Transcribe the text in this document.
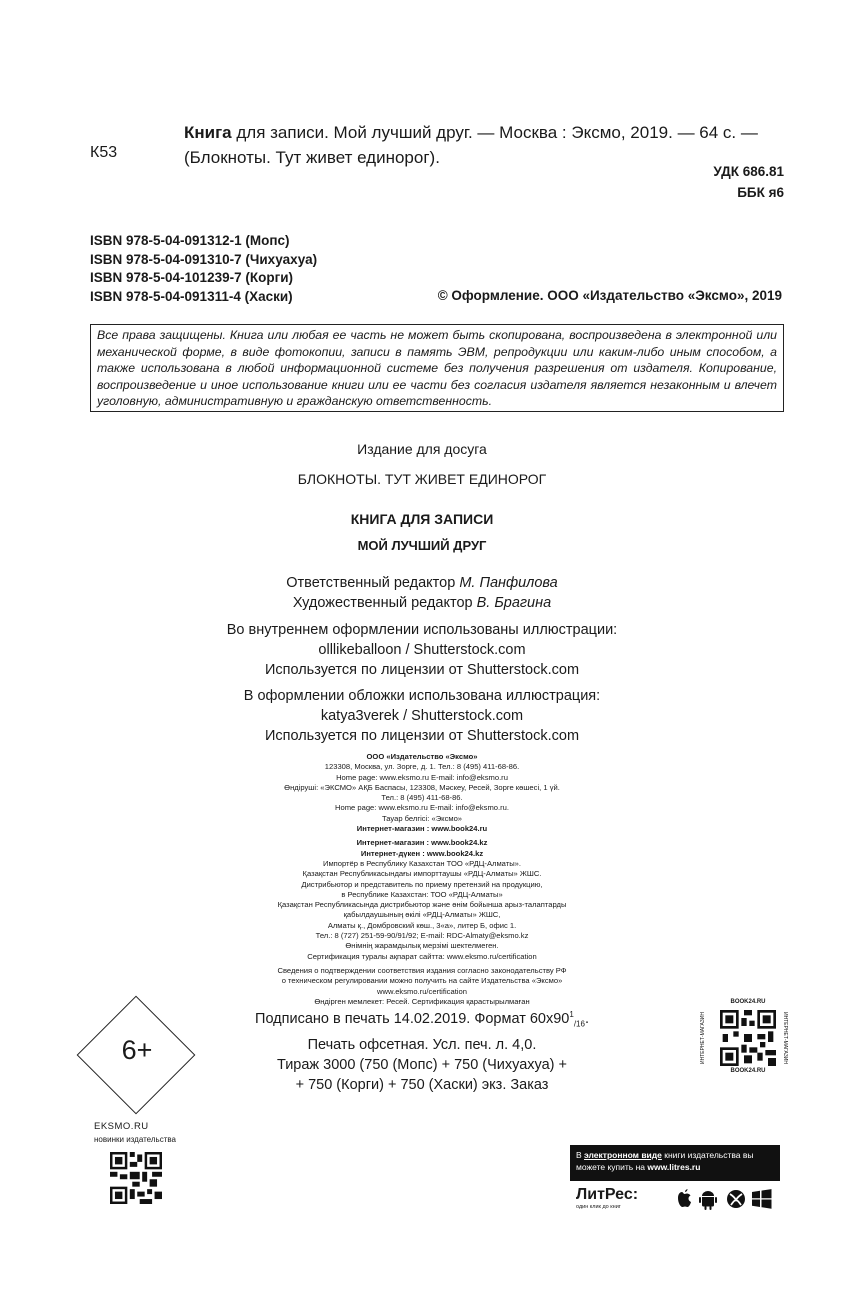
К53
Книга для записи. Мой лучший друг. — Москва : Эксмо, 2019. — 64 с. — (Блокноты. Тут живет единорог).
УДК 686.81
ББК я6
ISBN 978-5-04-091312-1 (Мопс)
ISBN 978-5-04-091310-7 (Чихуахуа)
ISBN 978-5-04-101239-7 (Корги)
ISBN 978-5-04-091311-4 (Хаски)	© Оформление. ООО «Издательство «Эксмо», 2019
Все права защищены. Книга или любая ее часть не может быть скопирована, воспроизведена в электронной или механической форме, в виде фотокопии, записи в память ЭВМ, репродукции или каким-либо иным способом, а также использована в любой информационной системе без получения разрешения от издателя. Копирование, воспроизведение и иное использование книги или ее части без согласия издателя является незаконным и влечет уголовную, административную и гражданскую ответственность.
Издание для досуга
БЛОКНОТЫ. ТУТ ЖИВЕТ ЕДИНОРОГ
КНИГА ДЛЯ ЗАПИСИ
МОЙ ЛУЧШИЙ ДРУГ
Ответственный редактор М. Панфилова
Художественный редактор В. Брагина
Во внутреннем оформлении использованы иллюстрации:
olllikeballoon / Shutterstock.com
Используется по лицензии от Shutterstock.com
В оформлении обложки использована иллюстрация:
katya3verek / Shutterstock.com
Используется по лицензии от Shutterstock.com
ООО «Издательство «Эксмо»
123308, Москва, ул. Зорге, д. 1. Тел.: 8 (495) 411-68-86.
Home page: www.eksmo.ru E-mail: info@eksmo.ru
Өндіруші: «ЭКСМО» АҚБ Баспасы, 123308, Мәскеу, Ресей, Зорге көшесі, 1 үй.
Тел.: 8 (495) 411-68-86.
Home page: www.eksmo.ru E-mail: info@eksmo.ru.
Тауар белгісі: «Эксмо»
Интернет-магазин : www.book24.ru
Интернет-магазин : www.book24.kz
Интернет-дүкен : www.book24.kz
Импортёр в Республику Казахстан ТОО «РДЦ-Алматы».
Қазақстан Республикасындағы импорттаушы «РДЦ-Алматы» ЖШС.
Дистрибьютор и представитель по приему претензий на продукцию,
в Республике Казахстан: ТОО «РДЦ-Алматы»
Қазақстан Республикасында дистрибьютор және өнім бойынша арыз-талаптарды
қабылдаушының өкілі «РДЦ-Алматы» ЖШС,
Алматы қ., Домбровский көш., 3«а», литер Б, офис 1.
Тел.: 8 (727) 251-59-90/91/92; E-mail: RDC-Almaty@eksmo.kz
Өнімнің жарамдылық мерзімі шектелмеген.
Сертификация туралы ақпарат сайтта: www.eksmo.ru/certification
Сведения о подтверждении соответствия издания согласно законодательству РФ
о техническом регулировании можно получить на сайте Издательства «Эксмо»
www.eksmo.ru/certification
Өндірген мемлекет: Ресей. Сертификация қарастырылмаған
Подписано в печать 14.02.2019. Формат $60x90^1_{/16}$.
Печать офсетная. Усл. печ. л. 4,0.
Тираж 3000 (750 (Мопс) + 750 (Чихуахуа) +
+ 750 (Корги) + 750 (Хаски) экз. Заказ
6+
EKSMO.RU
новинки издательства
BOOK24.RU
ИНТЕРНЕТ-МАГАЗИН	ИНТЕРНЕТ-МАГАЗИН
BOOK24.RU
В электронном виде книги издательства вы можете купить на www.litres.ru
ЛитРес:
один клик до книг
